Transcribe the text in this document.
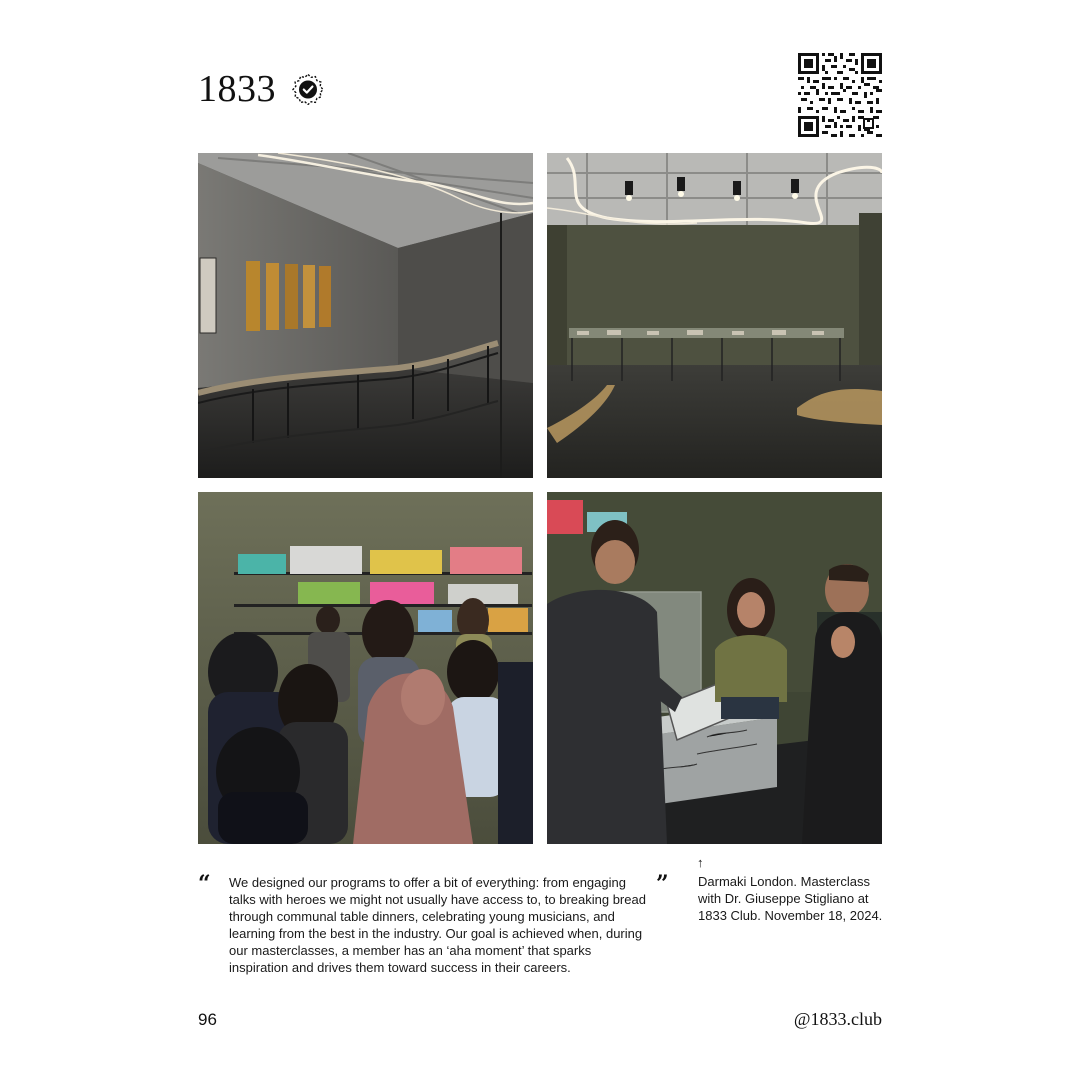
1833
“ We designed our programs to offer a bit of everything: from engaging talks with heroes we might not usually have access to, to breaking bread through communal table dinners, celebrating young musicians, and learning from the best in the industry. Our goal is achieved when, during our masterclasses, a member has an ‘aha moment’ that sparks inspiration and drives them toward success in their careers.

”
↑

Darmaki London. Masterclass with Dr. Giuseppe Stigliano at 1833 Club. November 18, 2024.

96	@1833.club
